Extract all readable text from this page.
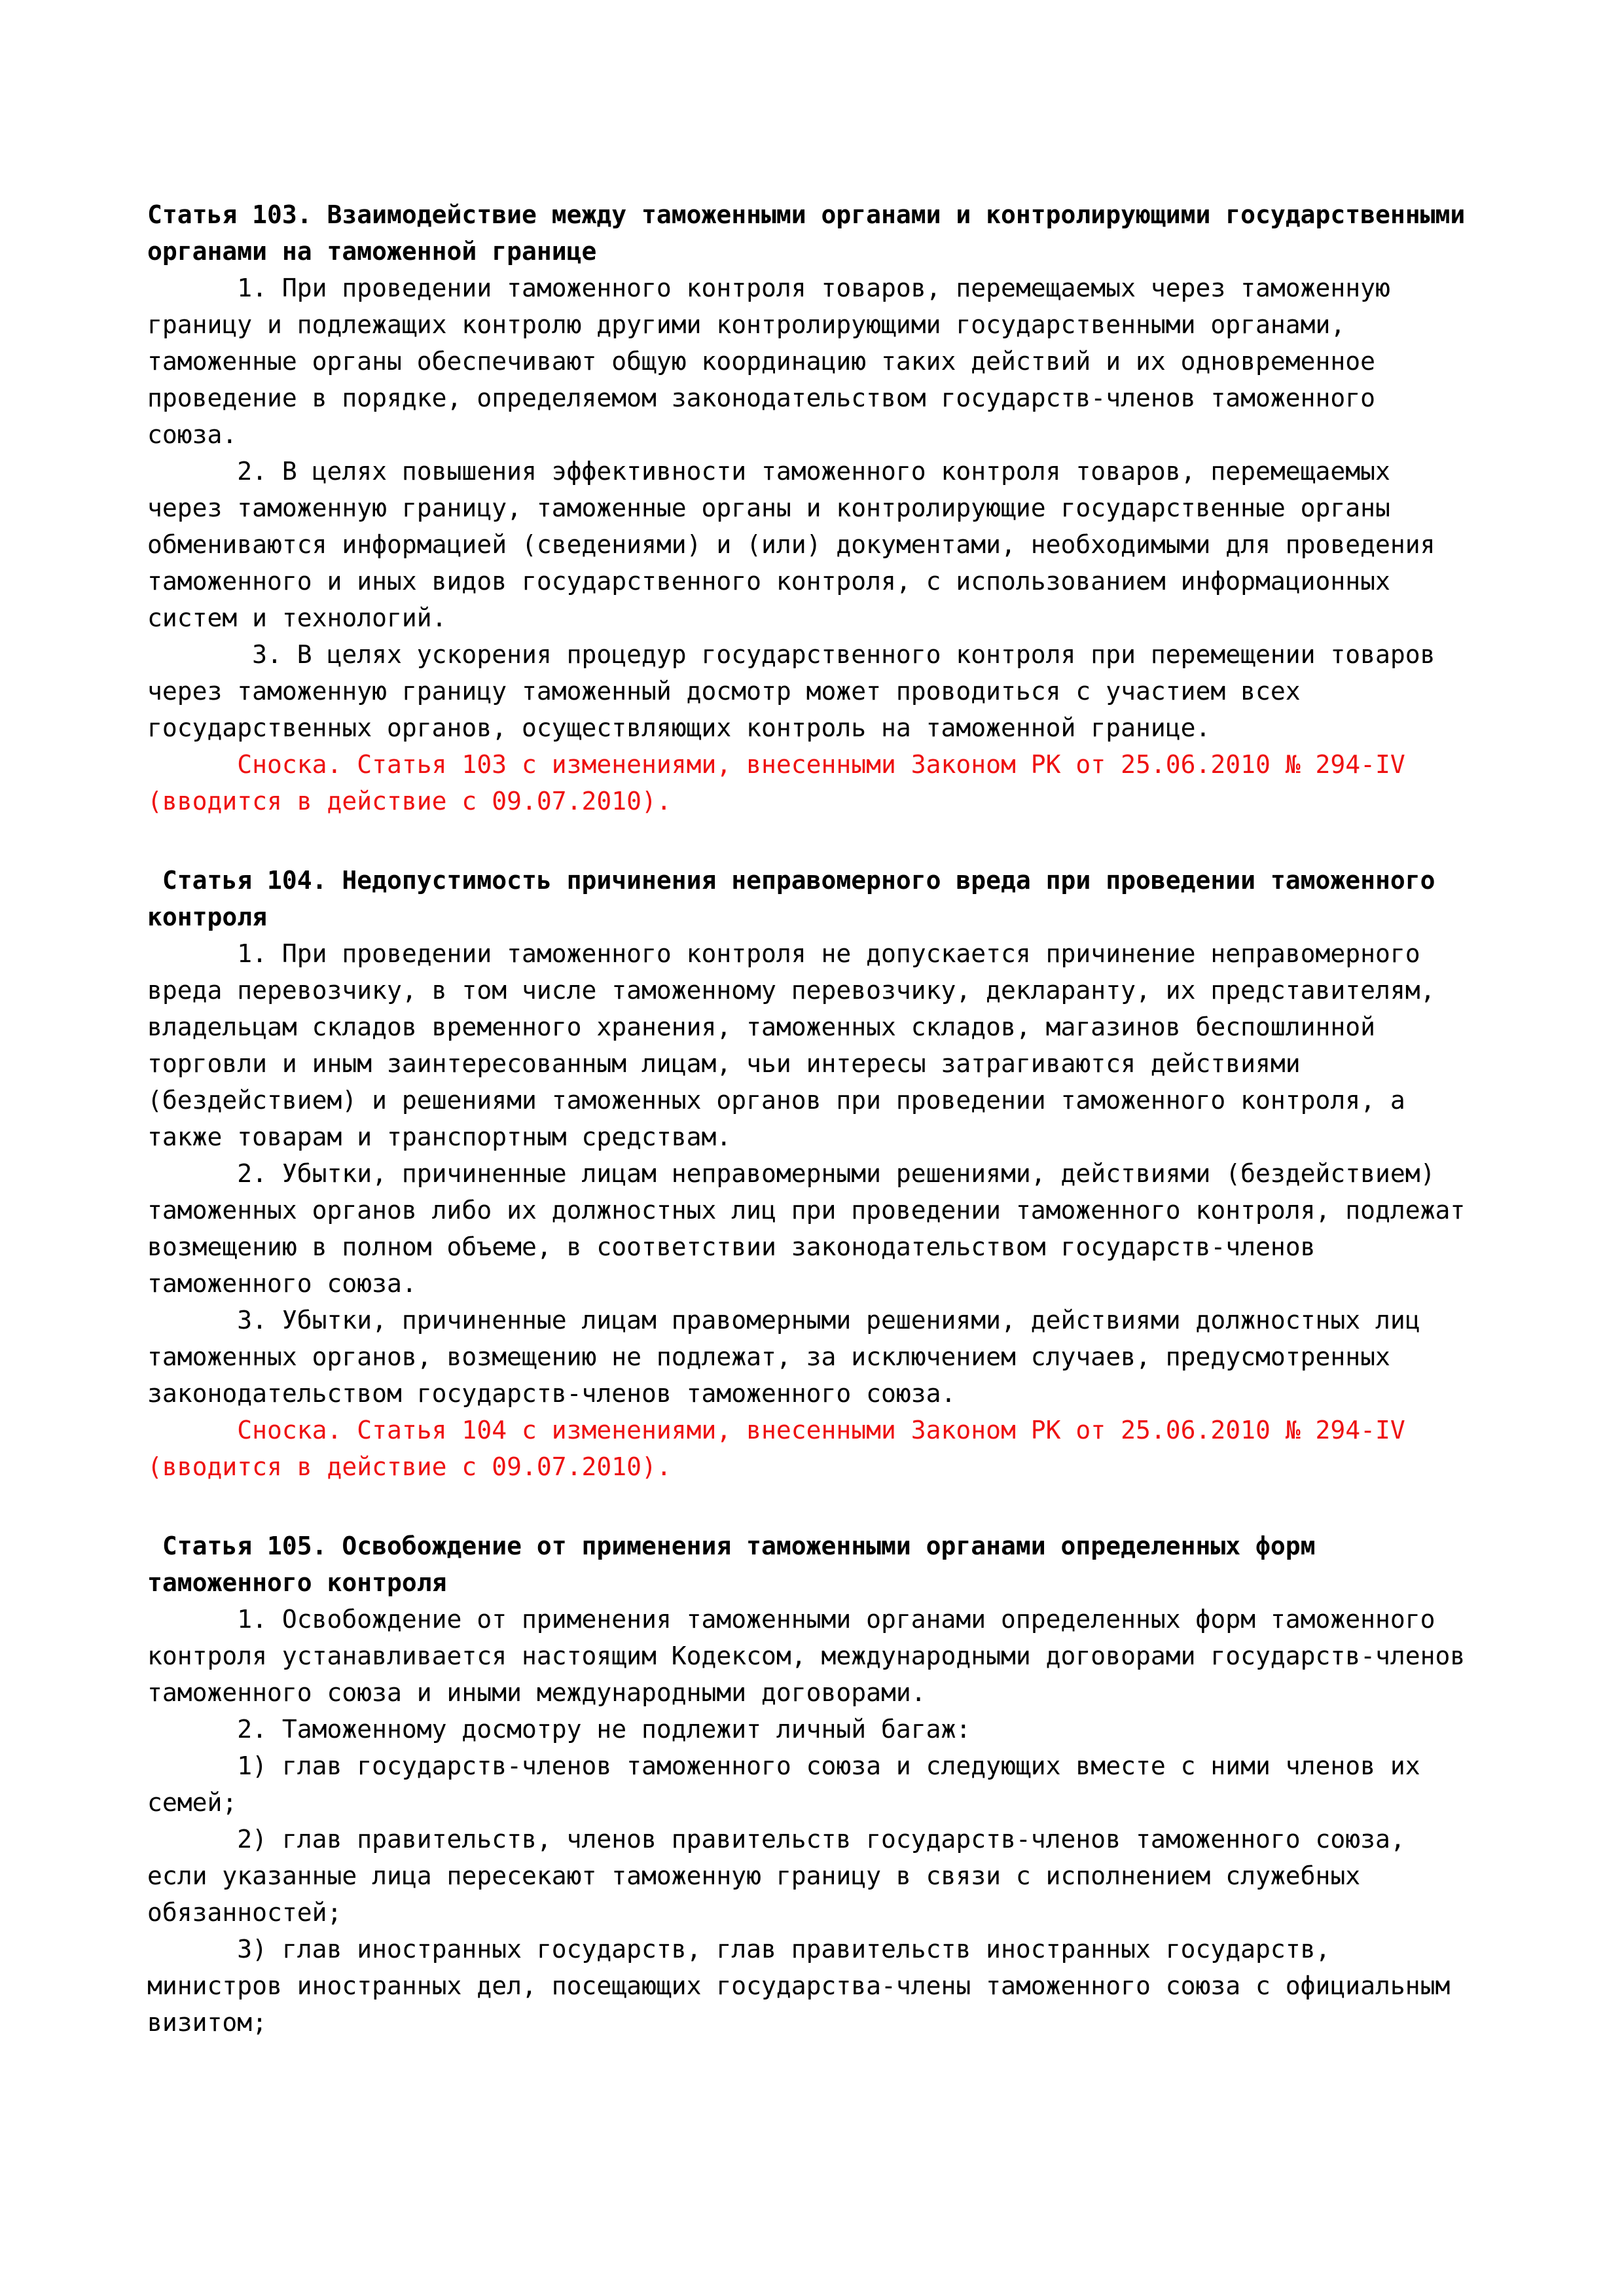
Статья 103. Взаимодействие между таможенными органами и контролирующими государственными
органами на таможенной границе
1. При проведении таможенного контроля товаров, перемещаемых через таможенную
границу и подлежащих контролю другими контролирующими государственными органами,
таможенные органы обеспечивают общую координацию таких действий и их одновременное
проведение в порядке, определяемом законодательством государств-членов таможенного
союза.
2. В целях повышения эффективности таможенного контроля товаров, перемещаемых
через таможенную границу, таможенные органы и контролирующие государственные органы
обмениваются информацией (сведениями) и (или) документами, необходимыми для проведения
таможенного и иных видов государственного контроля, с использованием информационных
систем и технологий.
3. В целях ускорения процедур государственного контроля при перемещении товаров
через таможенную границу таможенный досмотр может проводиться с участием всех
государственных органов, осуществляющих контроль на таможенной границе.
Сноска. Статья 103 с изменениями, внесенными Законом РК от 25.06.2010 № 294-IV
(вводится в действие с 09.07.2010).
Статья 104. Недопустимость причинения неправомерного вреда при проведении таможенного
контроля
1. При проведении таможенного контроля не допускается причинение неправомерного
вреда перевозчику, в том числе таможенному перевозчику, декларанту, их представителям,
владельцам складов временного хранения, таможенных складов, магазинов беспошлинной
торговли и иным заинтересованным лицам, чьи интересы затрагиваются действиями
(бездействием) и решениями таможенных органов при проведении таможенного контроля, а
также товарам и транспортным средствам.
2. Убытки, причиненные лицам неправомерными решениями, действиями (бездействием)
таможенных органов либо их должностных лиц при проведении таможенного контроля, подлежат
возмещению в полном объеме, в соответствии законодательством государств-членов
таможенного союза.
3. Убытки, причиненные лицам правомерными решениями, действиями должностных лиц
таможенных органов, возмещению не подлежат, за исключением случаев, предусмотренных
законодательством государств-членов таможенного союза.
Сноска. Статья 104 с изменениями, внесенными Законом РК от 25.06.2010 № 294-IV
(вводится в действие с 09.07.2010).
Статья 105. Освобождение от применения таможенными органами определенных форм
таможенного контроля
1. Освобождение от применения таможенными органами определенных форм таможенного
контроля устанавливается настоящим Кодексом, международными договорами государств-членов
таможенного союза и иными международными договорами.
2. Таможенному досмотру не подлежит личный багаж:
1) глав государств-членов таможенного союза и следующих вместе с ними членов их
семей;
2) глав правительств, членов правительств государств-членов таможенного союза,
если указанные лица пересекают таможенную границу в связи с исполнением служебных
обязанностей;
3) глав иностранных государств, глав правительств иностранных государств,
министров иностранных дел, посещающих государства-члены таможенного союза с официальным
визитом;
